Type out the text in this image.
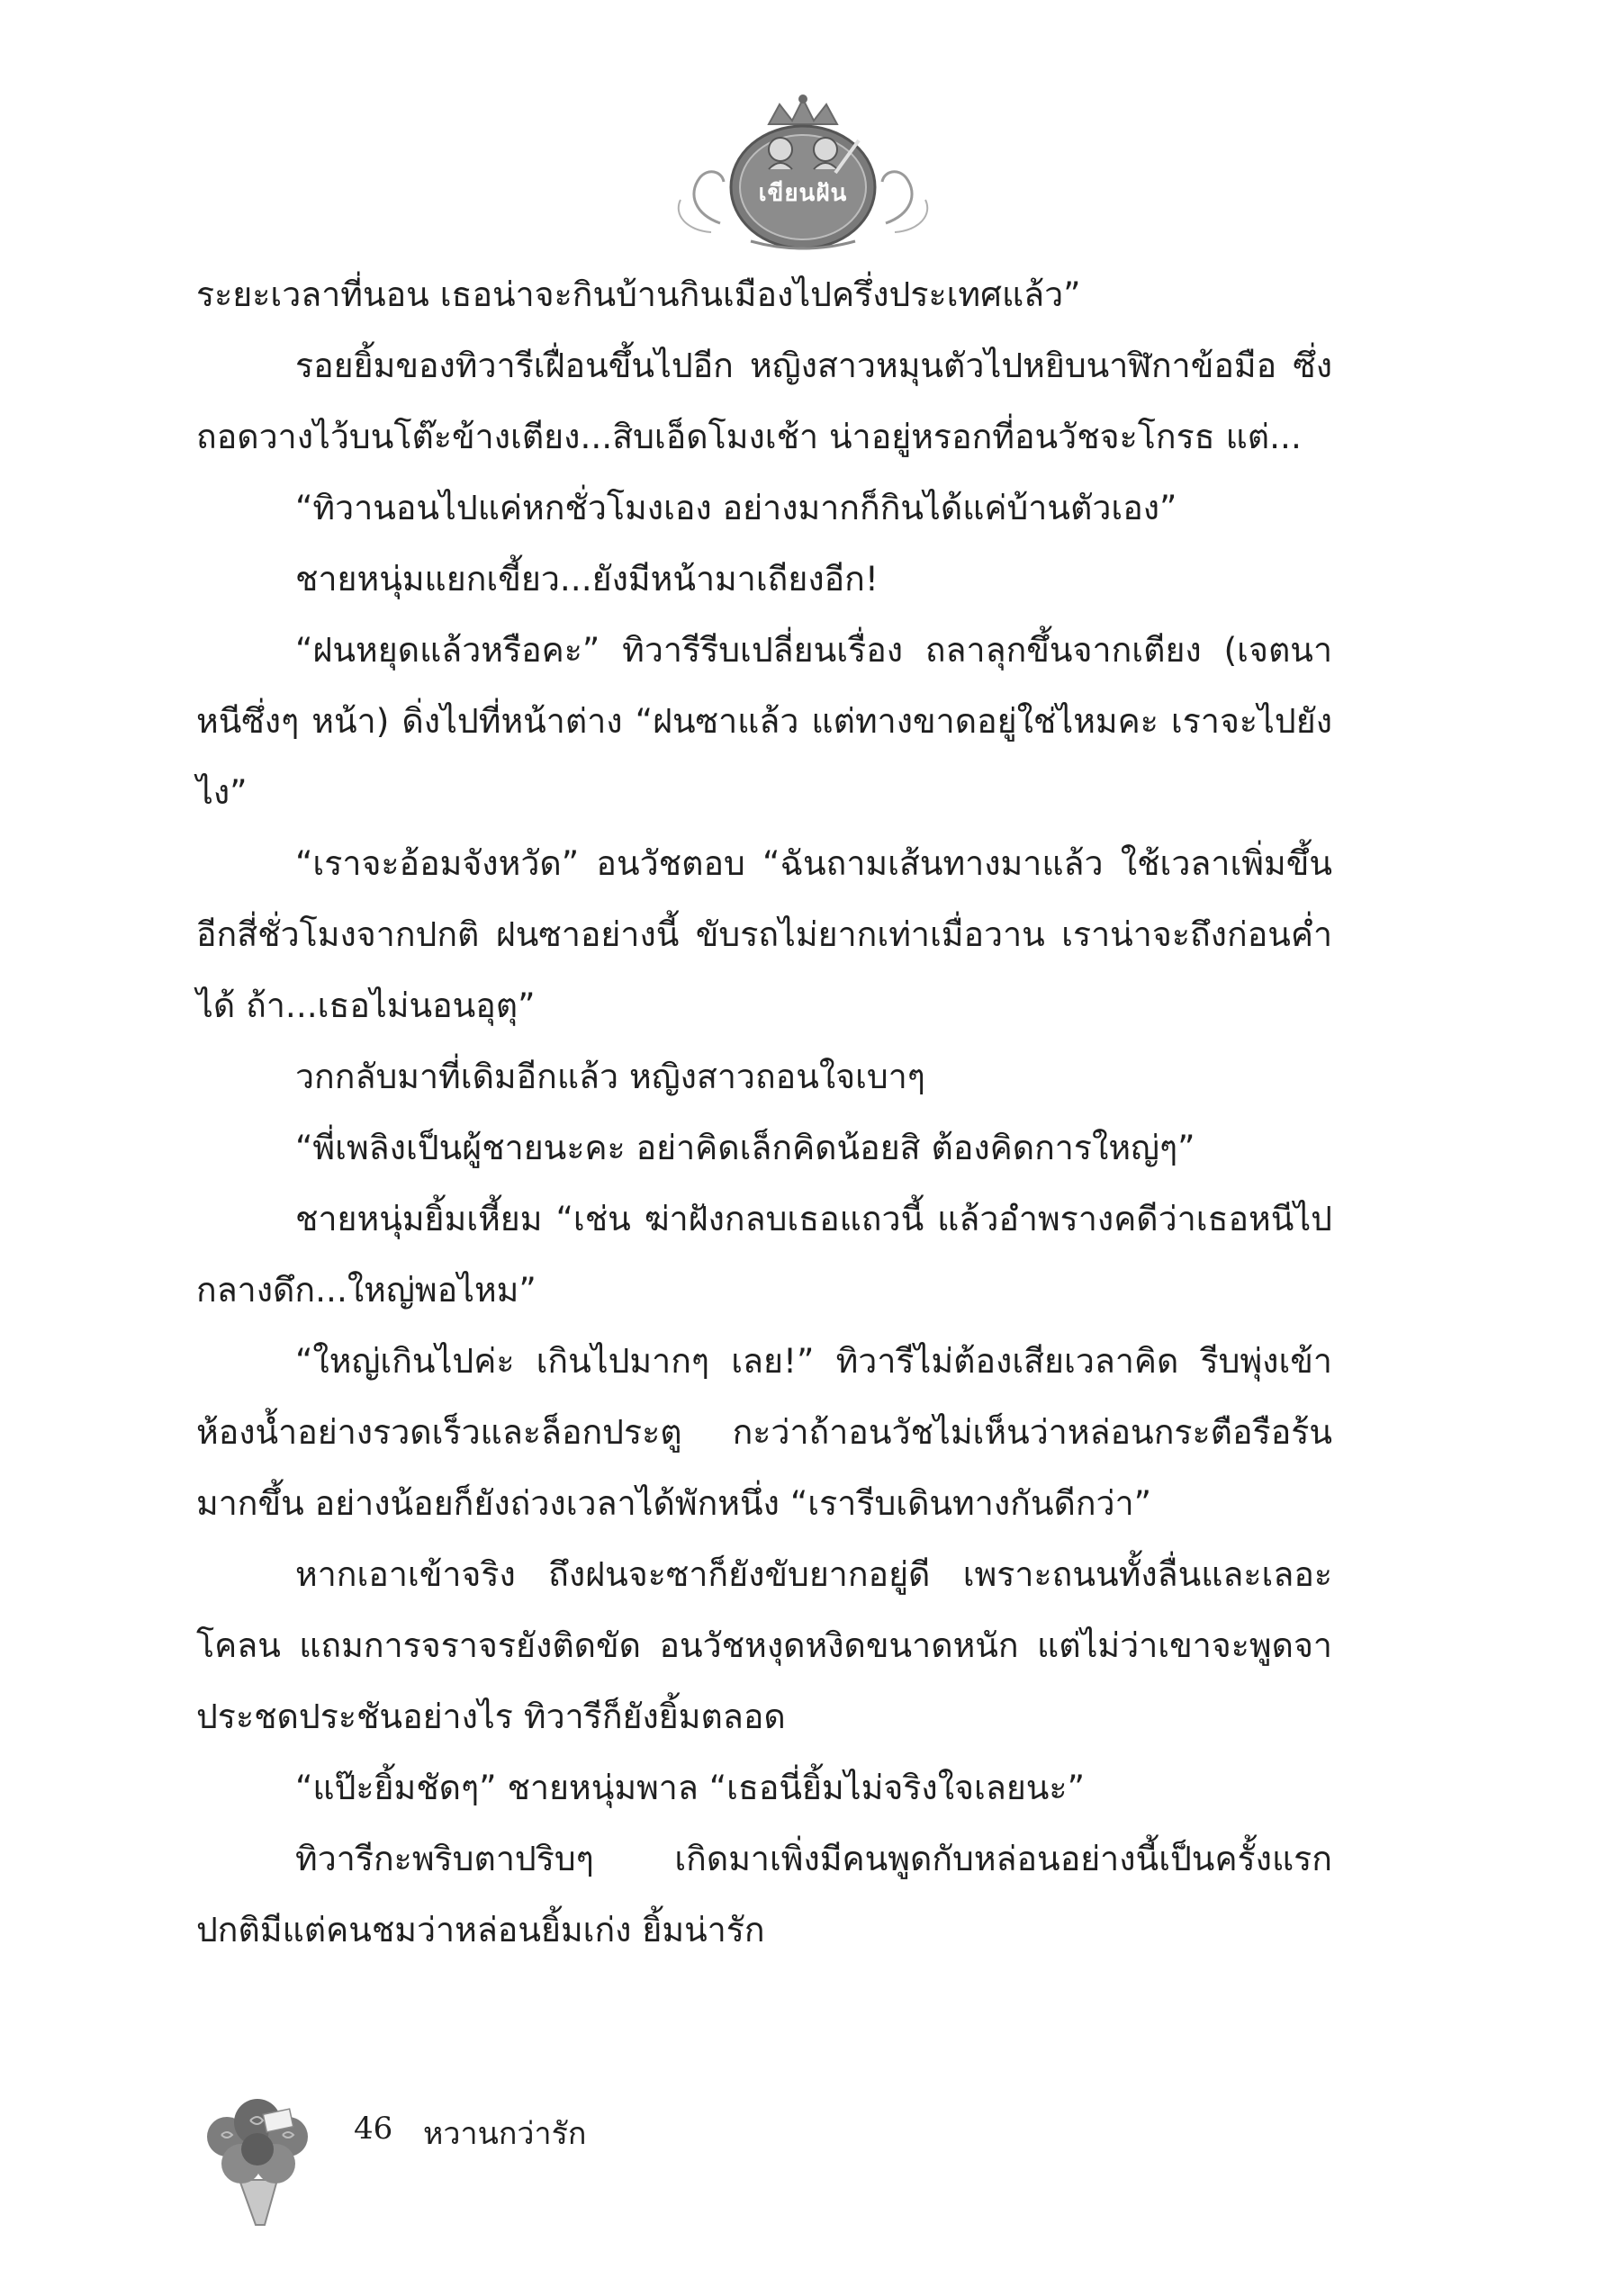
เขียนฝัน

ระยะเวลาที่นอน เธอน่าจะกินบ้านกินเมืองไปครึ่งประเทศแล้ว”

รอยยิ้มของทิวารีเฝื่อนขึ้นไปอีก หญิงสาวหมุนตัวไปหยิบนาฬิกาข้อมือ ซึ่งถอดวางไว้บนโต๊ะข้างเตียง...สิบเอ็ดโมงเช้า น่าอยู่หรอกที่อนวัชจะโกรธ แต่...

“ทิวานอนไปแค่หกชั่วโมงเอง อย่างมากก็กินได้แค่บ้านตัวเอง”

ชายหนุ่มแยกเขี้ยว...ยังมีหน้ามาเถียงอีก!

“ฝนหยุดแล้วหรือคะ” ทิวารีรีบเปลี่ยนเรื่อง ถลาลุกขึ้นจากเตียง (เจตนาหนีซึ่งๆ หน้า) ดิ่งไปที่หน้าต่าง “ฝนซาแล้ว แต่ทางขาดอยู่ใช่ไหมคะ เราจะไปยังไง”

“เราจะอ้อมจังหวัด” อนวัชตอบ “ฉันถามเส้นทางมาแล้ว ใช้เวลาเพิ่มขึ้นอีกสี่ชั่วโมงจากปกติ ฝนซาอย่างนี้ ขับรถไม่ยากเท่าเมื่อวาน เราน่าจะถึงก่อนค่ำได้ ถ้า...เธอไม่นอนอุตุ”

วกกลับมาที่เดิมอีกแล้ว หญิงสาวถอนใจเบาๆ

“พี่เพลิงเป็นผู้ชายนะคะ อย่าคิดเล็กคิดน้อยสิ ต้องคิดการใหญ่ๆ”

ชายหนุ่มยิ้มเหี้ยม “เช่น ฆ่าฝังกลบเธอแถวนี้ แล้วอำพรางคดีว่าเธอหนีไปกลางดึก...ใหญ่พอไหม”

“ใหญ่เกินไปค่ะ เกินไปมากๆ เลย!” ทิวารีไม่ต้องเสียเวลาคิด รีบพุ่งเข้าห้องน้ำอย่างรวดเร็วและล็อกประตู กะว่าถ้าอนวัชไม่เห็นว่าหล่อนกระตือรือร้นมากขึ้น อย่างน้อยก็ยังถ่วงเวลาได้พักหนึ่ง “เรารีบเดินทางกันดีกว่า”

หากเอาเข้าจริง ถึงฝนจะซาก็ยังขับยากอยู่ดี เพราะถนนทั้งลื่นและเลอะโคลน แถมการจราจรยังติดขัด อนวัชหงุดหงิดขนาดหนัก แต่ไม่ว่าเขาจะพูดจาประชดประชันอย่างไร ทิวารีก็ยังยิ้มตลอด

“แป๊ะยิ้มชัดๆ” ชายหนุ่มพาล “เธอนี่ยิ้มไม่จริงใจเลยนะ”

ทิวารีกะพริบตาปริบๆ เกิดมาเพิ่งมีคนพูดกับหล่อนอย่างนี้เป็นครั้งแรก ปกติมีแต่คนชมว่าหล่อนยิ้มเก่ง ยิ้มน่ารัก

46 หวานกว่ารัก
